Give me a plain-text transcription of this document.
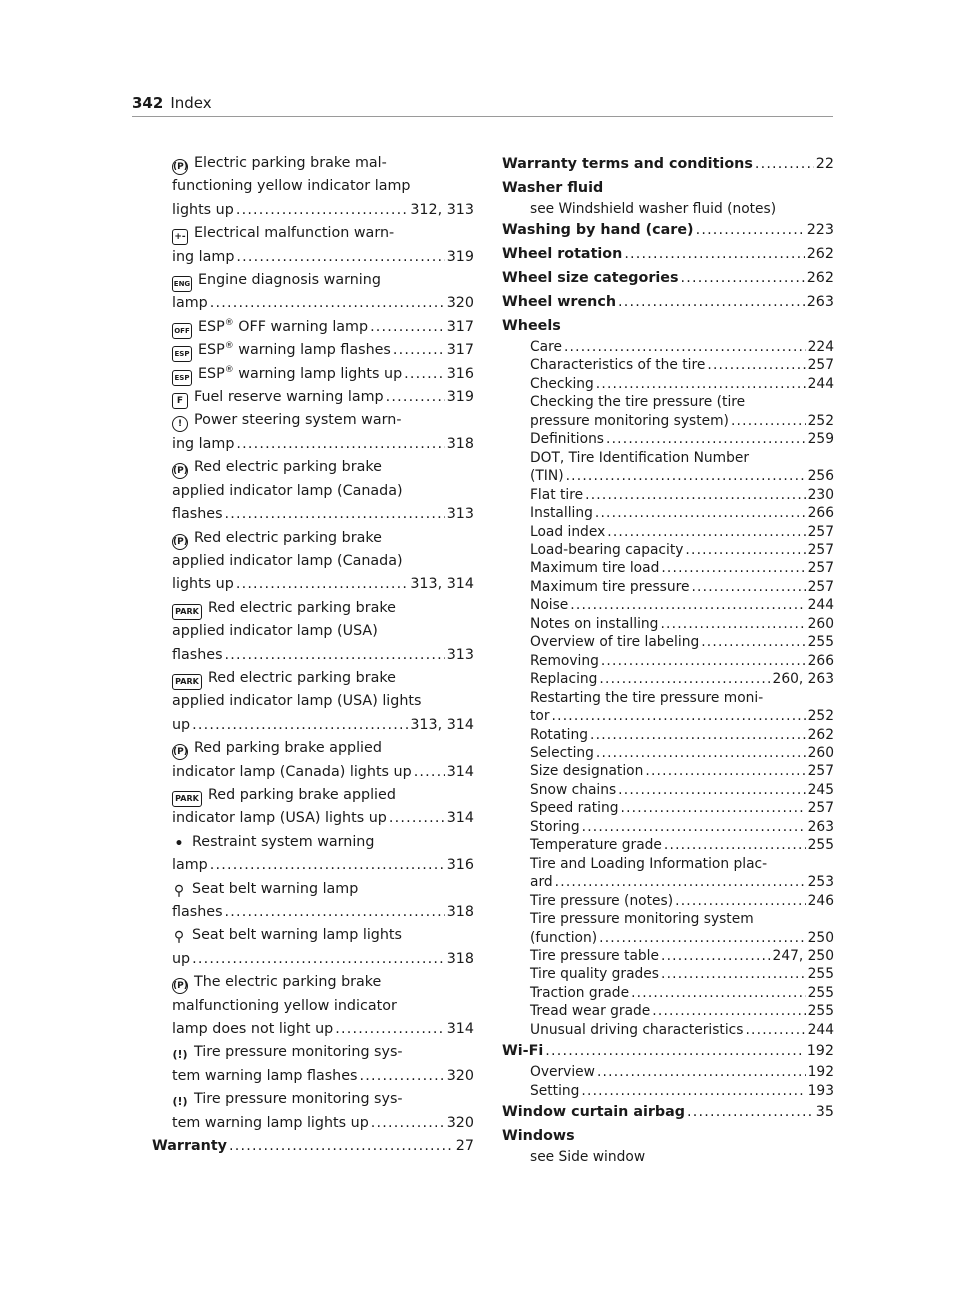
342 Index
(P) Electric parking brake mal-
functioning yellow indicator lamp
lights up .....	312, 313
+- Electrical malfunction warn-
ing lamp .....	319
ENG Engine diagnosis warning
lamp .....	320
OFF ESP® OFF warning lamp .....	317
ESP ESP® warning lamp flashes .....	317
ESP ESP® warning lamp lights up .....	316
F Fuel reserve warning lamp .....	319
! Power steering system warn-
ing lamp .....	318
(P) Red electric parking brake
applied indicator lamp (Canada)
flashes .....	313
(P) Red electric parking brake
applied indicator lamp (Canada)
lights up .....	313, 314
PARK Red electric parking brake
applied indicator lamp (USA)
flashes .....	313
PARK Red electric parking brake
applied indicator lamp (USA) lights
up .....	313, 314
(P) Red parking brake applied
indicator lamp (Canada) lights up ..... 314
PARK Red parking brake applied
indicator lamp (USA) lights up .....	314
• Restraint system warning
lamp .....	316
⚲ Seat belt warning lamp
flashes .....	318
⚲ Seat belt warning lamp lights
up .....	318
(P) The electric parking brake
malfunctioning yellow indicator
lamp does not light up .....	314
(!) Tire pressure monitoring sys-
tem warning lamp flashes .....	320
(!) Tire pressure monitoring sys-
tem warning lamp lights up .....	320
Warranty .....	27
Warranty terms and conditions .....	22
Washer fluid
see Windshield washer fluid (notes)
Washing by hand (care) .....	223
Wheel rotation .....	262
Wheel size categories .....	262
Wheel wrench .....	263
Wheels
Care .....	224
Characteristics of the tire .....	257
Checking .....	244
Checking the tire pressure (tire
pressure monitoring system) .....	252
Definitions .....	259
DOT, Tire Identification Number
(TIN) .....	256
Flat tire .....	230
Installing .....	266
Load index .....	257
Load-bearing capacity .....	257
Maximum tire load .....	257
Maximum tire pressure .....	257
Noise .....	244
Notes on installing .....	260
Overview of tire labeling .....	255
Removing .....	266
Replacing .....	260, 263
Restarting the tire pressure moni-
tor .....	252
Rotating .....	262
Selecting .....	260
Size designation .....	257
Snow chains .....	245
Speed rating .....	257
Storing .....	263
Temperature grade .....	255
Tire and Loading Information plac-
ard .....	253
Tire pressure (notes) .....	246
Tire pressure monitoring system
(function) .....	250
Tire pressure table .....	247, 250
Tire quality grades .....	255
Traction grade .....	255
Tread wear grade .....	255
Unusual driving characteristics .....	244
Wi-Fi .....	192
Overview .....	192
Setting .....	193
Window curtain airbag .....	35
Windows
see Side window
